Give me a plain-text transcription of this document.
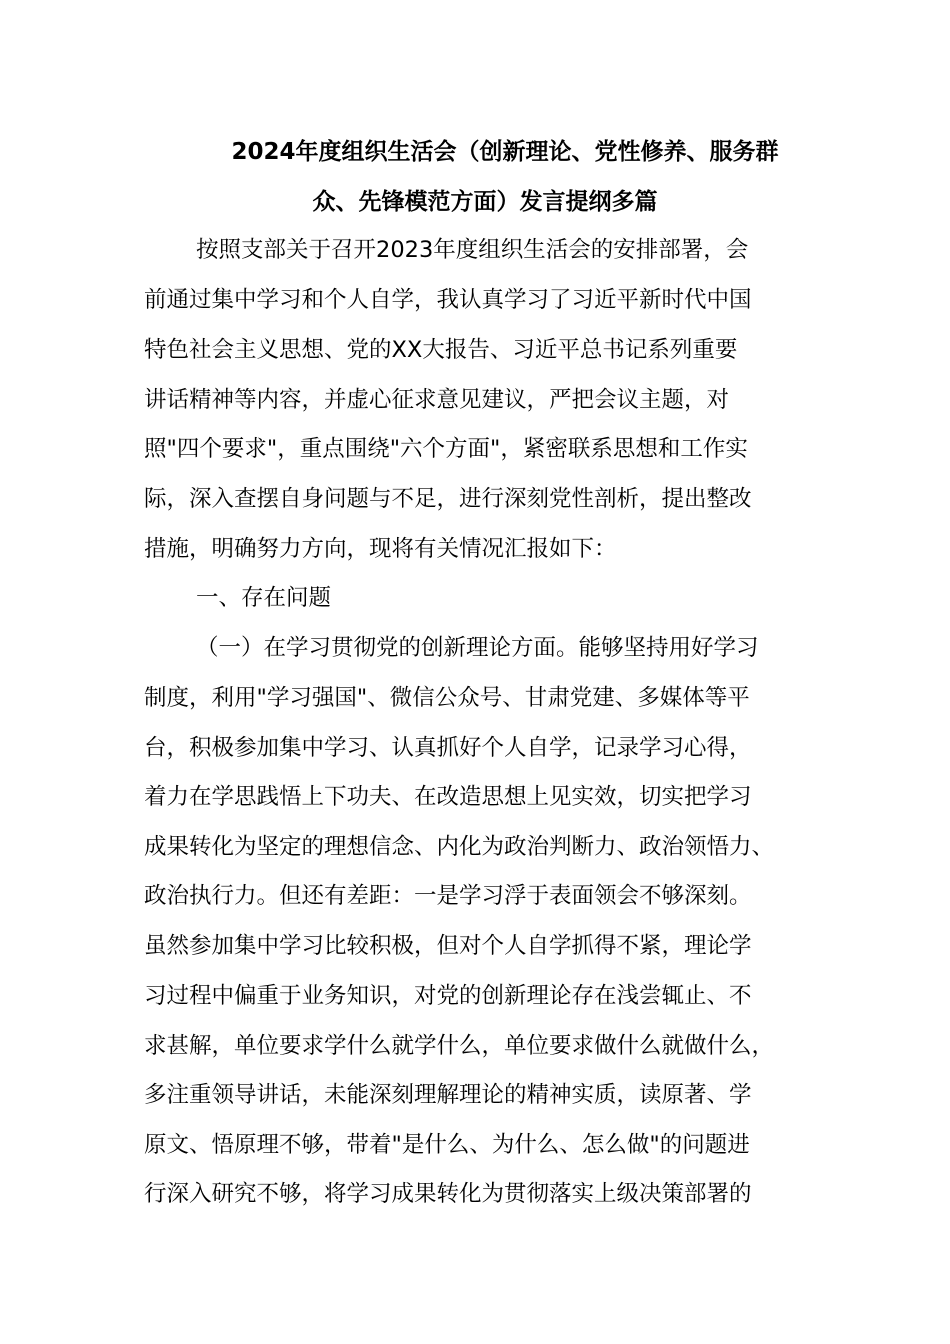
2024年度组织生活会（创新理论、党性修养、服务群
众、先锋模范方面）发言提纲多篇
按照支部关于召开2023年度组织生活会的安排部署，会
前通过集中学习和个人自学，我认真学习了习近平新时代中国
特色社会主义思想、党的XX大报告、习近平总书记系列重要
讲话精神等内容，并虚心征求意见建议，严把会议主题，对
照"四个要求"，重点围绕"六个方面"，紧密联系思想和工作实
际，深入查摆自身问题与不足，进行深刻党性剖析，提出整改
措施，明确努力方向，现将有关情况汇报如下：
一、存在问题
（一）在学习贯彻党的创新理论方面。能够坚持用好学习
制度，利用"学习强国"、微信公众号、甘肃党建、多媒体等平
台，积极参加集中学习、认真抓好个人自学，记录学习心得，
着力在学思践悟上下功夫、在改造思想上见实效，切实把学习
成果转化为坚定的理想信念、内化为政治判断力、政治领悟力、
政治执行力。但还有差距：一是学习浮于表面领会不够深刻。
虽然参加集中学习比较积极，但对个人自学抓得不紧，理论学
习过程中偏重于业务知识，对党的创新理论存在浅尝辄止、不
求甚解，单位要求学什么就学什么，单位要求做什么就做什么，
多注重领导讲话，未能深刻理解理论的精神实质，读原著、学
原文、悟原理不够，带着"是什么、为什么、怎么做"的问题进
行深入研究不够，将学习成果转化为贯彻落实上级决策部署的
